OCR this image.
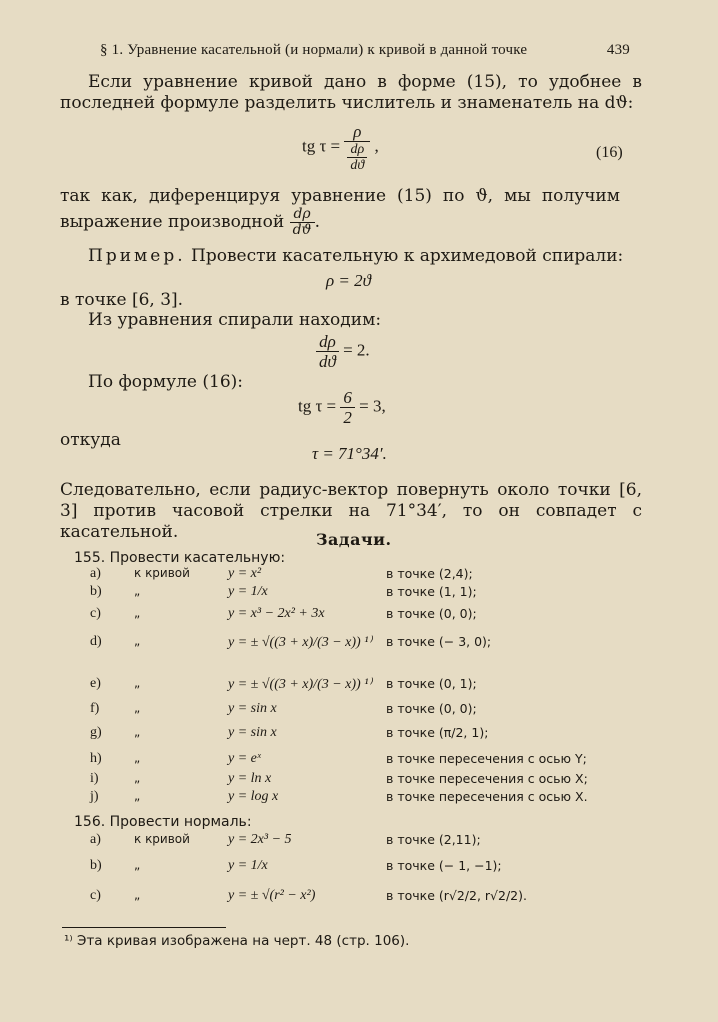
§ 1. Уравнение касательной (и нормали) к кривой в данной точке	439
Если уравнение кривой дано в форме (15), то удобнее в последней формуле разделить числитель и знаменатель на dϑ:
tg $\tau = \frac{\rho}{\frac{d\rho}{dϑ}}$ ,	(16)
так как, диференцируя уравнение (15) по ϑ, мы получим выражение производной $\frac{d\rho}{dϑ}$ .
Пример. Провести касательную к архимедовой спирали:
ρ = 2ϑ
в точке [6, 3].
Из уравнения спирали находим:
$\frac{d\rho}{dϑ} = 2$.
По формуле (16):
tg $\tau = \frac{6}{2} = 3$,
откуда
τ = 71°34′.
Следовательно, если радиус-вектор повернуть около точки [6, 3] против часовой стрелки на 71°34′, то он совпадет с касательной.	Задачи.
155. Провести касательную:
a)	к кривой	y = x²	в точке (2,4);
b)	„	y = 1/x	в точке (1, 1);
c)	„	y = x³ − 2x² + 3x	в точке (0, 0);
d)	„	y = ± √((3 + x)/(3 − x)) ¹⁾ в точке (− 3, 0);
e)	„	y = ± √((3 + x)/(3 − x)) ¹⁾ в точке (0, 1);
f)	„	y = sin x	в точке (0, 0);
g)	„	y = sin x	в точке (π/2, 1);
h)	„	y = eˣ	в точке пересечения с осью Y;
i)	„	y = ln x	в точке пересечения с осью X;
j)	„	y = log x	в точке пересечения с осью X.
156. Провести нормаль:
a)	к кривой	y = 2x³ − 5	в точке (2,11);
b)	„	y = 1/x	в точке (− 1, −1);
c)	„	y = ± √(r² − x²)	в точке (r√2/2, r√2/2).
¹⁾ Эта кривая изображена на черт. 48 (стр. 106).
